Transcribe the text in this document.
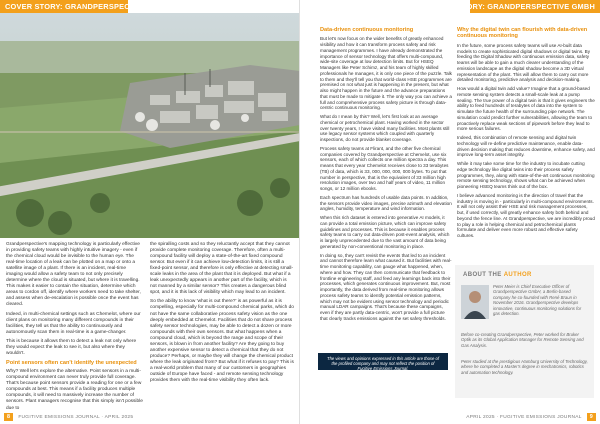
COVER STORY: GRANDPERSPECTIVE GMBH

Grandperspective's mapping technology is particularly effective in providing safety teams with highly intuitive imagery - even if the chemical cloud would be invisible to the human eye. The real-time location of a leak can be plotted on a map or onto a satellite image of a plant. If there is an incident, real-time imaging would allow a safety team to not only precisely determine where the cloud is situated, but where it is travelling. This makes it easier to contain the situation, determine which areas to cordon off, identify where workers need to take shelter, and assess when de-escalation is possible once the event has cleared.

Indeed, in multi-chemical settings such as Chemelot, where our client plans on monitoring many different compounds in their facilities, they tell us that the ability to continuously and autonomously scan them in real-time is a game-changer.

This is because it allows them to detect a leak not only where they would expect the leak to see it, but also where they wouldn't.

Point sensors often can't identify the unexpected

Why? Well let's explore the alternative. Point sensors in a multi-compound environment can never truly provide full coverage. That's because point sensors provide a reading for one or a few compounds at best. This means if a facility produces multiple compounds, it will need to massively increase the number of sensors. Plant managers recognise that this simply isn't possible due to

the spiralling costs and so they reluctantly accept that they cannot provide complete monitoring coverage. Therefore, often a multi-compound facility will deploy a state-of-the-art fixed compound sensor. But even if it can achieve low-detection limits, it is still a fixed-point sensor, and therefore is only effective at detecting small-scale leaks in the area of the plant that it is deployed. But what if a leak unexpectedly appears in another part of the facility, which is not manned by a similar sensor? This creates a dangerous blind spot, and it is this lack of visibility which may lead to an incident.

So the ability to know 'what is out there?' is as powerful as it is compelling, especially for multi-compound chemical parks, which do not have the same collaborative process safety vision as the one deeply embedded at Chemelot. Facilities that do not share process safety sensor technologies, may be able to detect a dozen or more compounds with their own sensors. But what happens when a compound cloud, which is beyond the range and scope of their sensors, is blown in from another facility? Are they going to buy another expensive sensor to detect a chemical that they do not produce? Perhaps, or maybe they will change the chemical product where the leak originated from? But what if it refuses to pay? This is a real-world problem that many of our customers in geographies outside of Europe have faced - and remote sensing technology provides them with the real-time visibility they often lack.

8	FUGITIVE EMISSIONS JOURNAL · APRIL 2025
COVER STORY: GRANDPERSPECTIVE GMBH
Data-driven continuous monitoring

But let's now focus on the wider benefits of greatly enhanced visibility and how it can transform process safety and risk management programmes. I have already demonstrated the importance of sensor technology that offers multi-compound, wide-site coverage at low detection limits. But for HSEQ Managers like Peter Schimz, and his team of highly skilled professionals he manages, it is only one piece of the puzzle. Talk to them and they'll tell you that world-class HSE programmes are premised on not what just is happening in the present, but what also might happen in the future and the advance preparations that must be made to mitigate it. The only way you can achieve a full and comprehensive process safety picture is through data-centric continuous monitoring.

What do I mean by this? Well, let's first look at an average chemical or petrochemical plant. Having worked in the sector over twenty years, I have visited many facilities. Most plants still use legacy sensor systems which coupled with quarterly inspections, do not provide blanket coverage.

Process safety teams at Flirant, and the other five chemical companies covered by Grandperspective at Chemelot, use six sensors, each of which collects one million spectra a day. This means that every year Chemelot receives close to 33 terabytes (TB) of data, which is 33, 000, 000, 000, 000 bytes. To put that number in perspective, that is the equivalent of 33 million high resolution images, over two and half years of video, 11 million songs, or 12 million ebooks.

Each spectrum has hundreds of usable data points. In addition, the sensors provide video images, precise azimuth and elevation angles, humidity, temperature and wind information.

When this rich dataset is entered into generative AI models, it can provide a total emission picture, which can improve safety guidelines and processes. This is because it enables process safety teams to carry out data-driven post-event analysis, which is largely unprecedented due to the vast amount of data being generated by non-conventional monitoring in place.

In doing so, they can't revisit the events that led to an incident and cannot therefore learn what caused it. But facilities with real-time monitoring capability, can gauge what happened, when, where and how. They can then communicate that feedback to frontline engineering staff, and feed any learnings back into their processes, which generates continuous improvement. But, most importantly, the data derived from real-time monitoring allows process safety teams to identify potential emission patterns, which may not be evident using sensor technology and periodic manual LDAR campaigns. That's because these campaigns, even if they are partly data-centric, won't provide a full picture that clearly tracks emissions against the set safety thresholds.

Why the digital twin can flourish with data-driven continuous monitoring

In the future, some process safety teams will use AI-built data models to create sophisticated digital shadows or digital twins. By feeding the Digital Shadow with continuous emission data, safety teams will be able to gain a much clearer understanding of the emission landscape as the digital shadow become a 3D virtual representation of the plant. This will allow them to carry out more detailed monitoring, predictive analysis and decision-making.

How would a digital twin add value? Imagine that a ground-based remote sensing system detects a small-scale leak at a pump sealing. The true power of a digital twin is that it gives engineers the ability to feed hundreds of terabytes of data into the system to simulate the future health of the surrounding pipe network. The simulation could predict further vulnerabilities, allowing the team to proactively replace weak sections of pipework before they lead to more serious failures.

Indeed, this combination of remote sensing and digital twin technology will re-define predictive maintenance, enable data-driven decision making that reduces downtime, enhance safety, and improve long-term asset integrity.

While it may take some time for the industry to incubate cutting edge technology like digital twins into their process safety programmes, they, along with state-of-the-art continuous monitoring remote sensing technology, shows what can be achieved when pioneering HSEQ teams think out of the box.

I believe advanced monitoring is the direction of travel that the industry is moving in - particularly in multi-compound environments. It will not only assist their HSE and risk management processes, but, if used correctly, will greatly enhance safety both behind and beyond the fence line. At Grandperspective, we are incredibly proud to play a role in helping chemical and petrochemical plants formulate and deliver even more robust and effective safety cultures.

APRIL 2025 · FUGITIVE EMISSIONS JOURNAL	9
The views and opinions expressed in this article are those of the profiled company and may not reflect the position of Fugitive Emissions Journal.
ABOUT THE AUTHOR
Peter Meier is Chief Executive Officer of Grandperspective GmbH, a Berlin-based company he co-founded with René Braun in November 2016. Grandperspective develops innovative, continuous monitoring solutions for gas detection.
Before co-creating Grandperspective, Peter worked for Bruker Optik as its Global Application Manager for Remote Sensing and Gas Analysis.
Peter studied at the prestigious Hamburg University of Technology, where he completed a Master's degree in mechatronics, robotics and automation technology.
